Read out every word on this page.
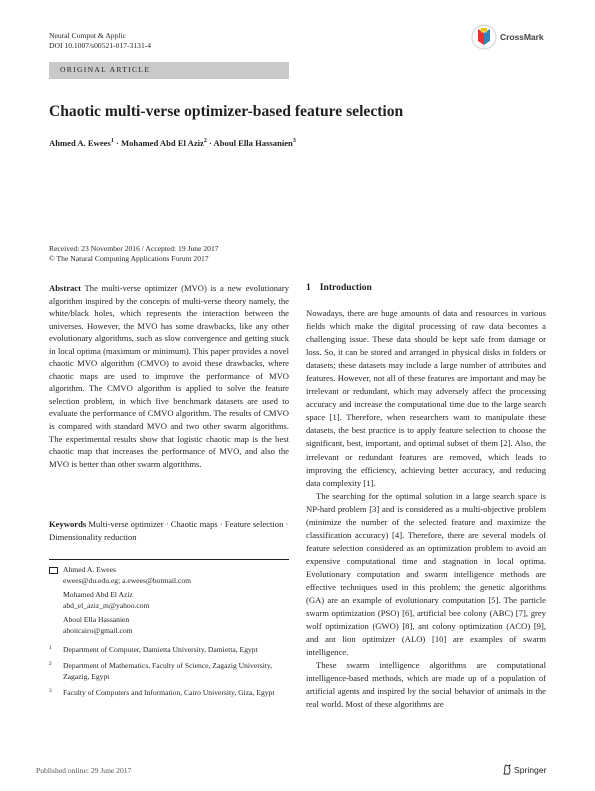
Neural Comput & Applic
DOI 10.1007/s00521-017-3131-4
CrossMark
ORIGINAL ARTICLE
Chaotic multi-verse optimizer-based feature selection
Ahmed A. Ewees$^1$ · Mohamed Abd El Aziz$^2$ · Aboul Ella Hassanien$^3$
Received: 23 November 2016 / Accepted: 19 June 2017
© The Natural Computing Applications Forum 2017
Abstract The multi-verse optimizer (MVO) is a new evolutionary algorithm inspired by the concepts of multi-verse theory namely, the white/black holes, which represents the interaction between the universes. However, the MVO has some drawbacks, like any other evolutionary algorithms, such as slow convergence and getting stuck in local optima (maximum or minimum). This paper provides a novel chaotic MVO algorithm (CMVO) to avoid these drawbacks, where chaotic maps are used to improve the performance of MVO algorithm. The CMVO algorithm is applied to solve the feature selection problem, in which five benchmark datasets are used to evaluate the performance of CMVO algorithm. The results of CMVO is compared with standard MVO and two other swarm algorithms. The experimental results show that logistic chaotic map is the best chaotic map that increases the performance of MVO, and also the MVO is better than other swarm algorithms.
Keywords Multi-verse optimizer · Chaotic maps · Feature selection · Dimensionality reduction
Ahmed A. Ewees
ewees@du.edu.eg; a.ewees@hotmail.com
Mohamed Abd El Aziz
abd_el_aziz_m@yahoo.com
Aboul Ella Hassanien
aboitcairo@gmail.com
1 Department of Computer, Damietta University, Damietta, Egypt
2 Department of Mathematics, Faculty of Science, Zagazig University, Zagazig, Egypt
3 Faculty of Computers and Information, Cairo University, Giza, Egypt
1 Introduction

Nowadays, there are huge amounts of data and resources in various fields which make the digital processing of raw data becomes a challenging issue. These data should be kept safe from damage or loss. So, it can be stored and arranged in physical disks in folders or datasets; these datasets may include a large number of attributes and features. However, not all of these features are important and may be irrelevant or redundant, which may adversely affect the processing accuracy and increase the computational time due to the large search space [1]. Therefore, when researchers want to manipulate these datasets, the best practice is to apply feature selection to choose the significant, best, important, and optimal subset of them [2]. Also, the irrelevant or redundant features are removed, which leads to improving the efficiency, achieving better accuracy, and reducing data complexity [1].

The searching for the optimal solution in a large search space is NP-hard problem [3] and is considered as a multi-objective problem (minimize the number of the selected feature and maximize the classification accuracy) [4]. Therefore, there are several models of feature selection considered as an optimization problem to avoid an expensive computational time and stagnation in local optima. Evolutionary computation and swarm intelligence methods are effective techniques used in this problem; the genetic algorithms (GA) are an example of evolutionary computation [5]. The particle swarm optimization (PSO) [6], artificial bee colony (ABC) [7], grey wolf optimization (GWO) [8], ant colony optimization (ACO) [9], and ant lion optimizer (ALO) [10] are examples of swarm intelligence.

These swarm intelligence algorithms are computational intelligence-based methods, which are made up of a population of artificial agents and inspired by the social behavior of animals in the real world. Most of these algorithms are

Published online: 29 June 2017	Springer
